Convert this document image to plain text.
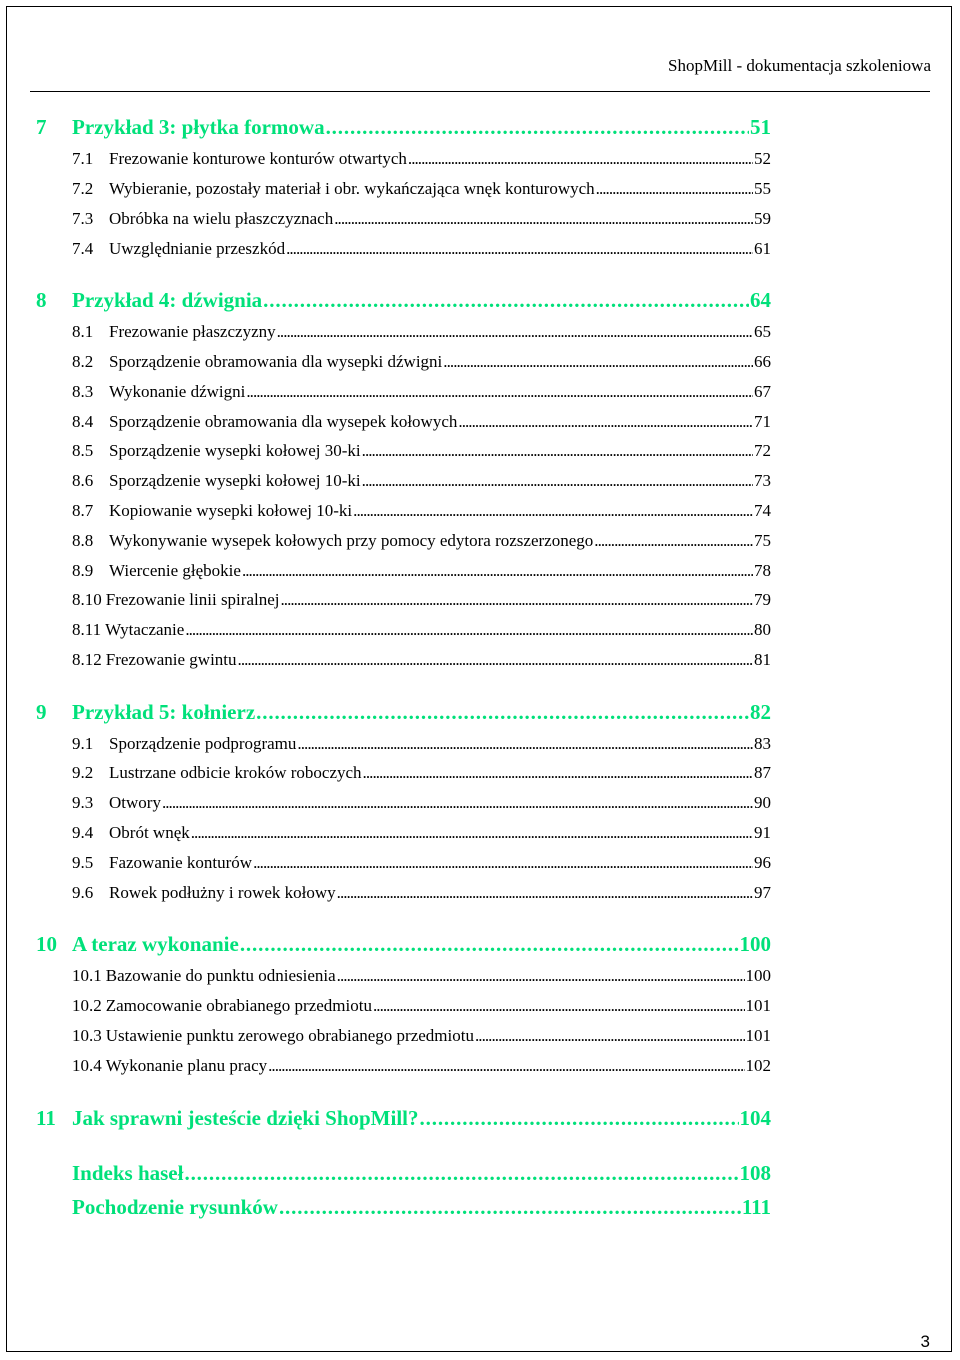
ShopMill - dokumentacja szkoleniowa
7 Przykład 3: płytka formowa . . .	51
7.1 Frezowanie konturowe konturów otwartych . . .	52
7.2 Wybieranie, pozostały materiał i obr. wykańczająca wnęk konturowych . . .	55
7.3 Obróbka na wielu płaszczyznach . . .	59
7.4 Uwzględnianie przeszkód . . .	61
8 Przykład 4: dźwignia . . .	64
8.1 Frezowanie płaszczyzny . . .	65
8.2 Sporządzenie obramowania dla wysepki dźwigni . . .	66
8.3 Wykonanie dźwigni . . .	67
8.4 Sporządzenie obramowania dla wysepek kołowych . . .	71
8.5 Sporządzenie wysepki kołowej 30-ki . . .	72
8.6 Sporządzenie wysepki kołowej 10-ki . . .	73
8.7 Kopiowanie wysepki kołowej 10-ki . . .	74
8.8 Wykonywanie wysepek kołowych przy pomocy edytora rozszerzonego . . .	75
8.9 Wiercenie głębokie . . .	78
8.10 Frezowanie linii spiralnej . . .	79
8.11 Wytaczanie . . .	80
8.12 Frezowanie gwintu . . .	81
9 Przykład 5: kołnierz . . .	82
9.1 Sporządzenie podprogramu . . .	83
9.2 Lustrzane odbicie kroków roboczych . . .	87
9.3 Otwory . . .	90
9.4 Obrót wnęk . . .	91
9.5 Fazowanie konturów . . .	96
9.6 Rowek podłużny i rowek kołowy . . .	97
10 A teraz wykonanie . . .	100
10.1 Bazowanie do punktu odniesienia . . .	100
10.2 Zamocowanie obrabianego przedmiotu . . .	101
10.3 Ustawienie punktu zerowego obrabianego przedmiotu . . .	101
10.4 Wykonanie planu pracy . . .	102
11 Jak sprawni jesteście dzięki ShopMill? . . .	104
Indeks haseł . . .	108
Pochodzenie rysunków . . .	111
3
